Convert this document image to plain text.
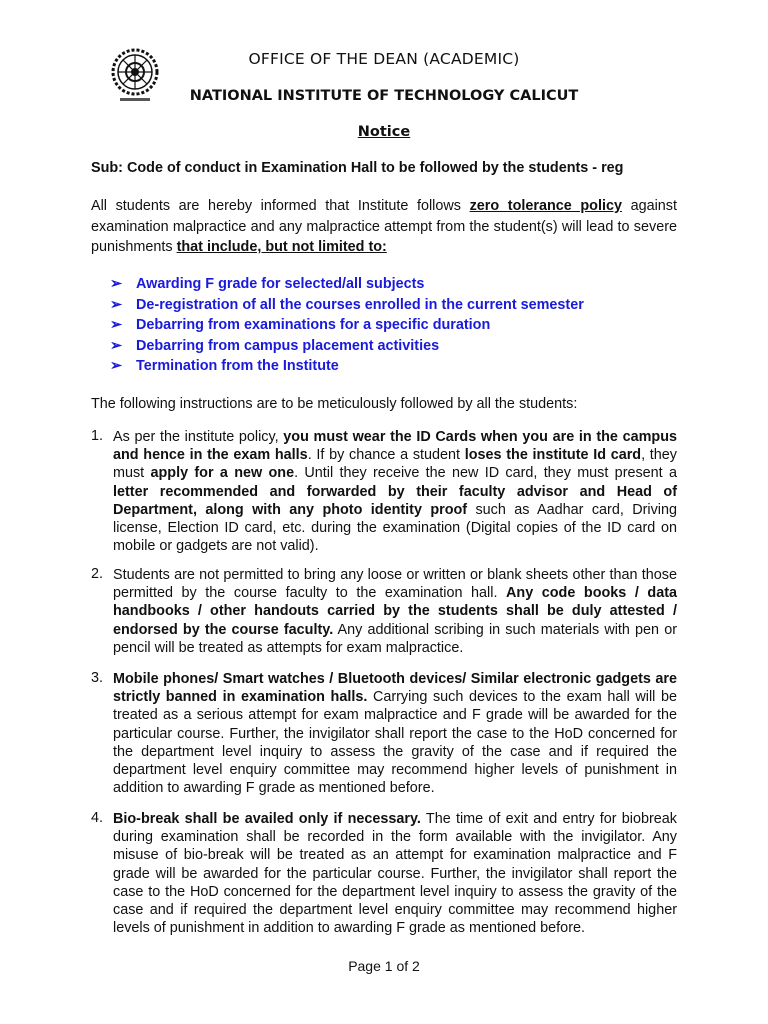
OFFICE OF THE DEAN (ACADEMIC)
NATIONAL INSTITUTE OF TECHNOLOGY CALICUT
Notice
Sub: Code of conduct in Examination Hall to be followed by the students - reg

All students are hereby informed that Institute follows zero tolerance policy against examination malpractice and any malpractice attempt from the student(s) will lead to severe punishments that include, but not limited to:

➢ Awarding F grade for selected/all subjects
➢ De-registration of all the courses enrolled in the current semester
➢ Debarring from examinations for a specific duration
➢ Debarring from campus placement activities
➢ Termination from the Institute

The following instructions are to be meticulously followed by all the students:

1. As per the institute policy, you must wear the ID Cards when you are in the campus and hence in the exam halls. If by chance a student loses the institute Id card, they must apply for a new one. Until they receive the new ID card, they must present a letter recommended and forwarded by their faculty advisor and Head of Department, along with any photo identity proof such as Aadhar card, Driving license, Election ID card, etc. during the examination (Digital copies of the ID card on mobile or gadgets are not valid).
2. Students are not permitted to bring any loose or written or blank sheets other than those permitted by the course faculty to the examination hall. Any code books / data handbooks / other handouts carried by the students shall be duly attested / endorsed by the course faculty. Any additional scribing in such materials with pen or pencil will be treated as attempts for exam malpractice.
3. Mobile phones/ Smart watches / Bluetooth devices/ Similar electronic gadgets are strictly banned in examination halls. Carrying such devices to the exam hall will be treated as a serious attempt for exam malpractice and F grade will be awarded for the particular course. Further, the invigilator shall report the case to the HoD concerned for the department level inquiry to assess the gravity of the case and if required the department level enquiry committee may recommend higher levels of punishment in addition to awarding F grade as mentioned before.
4. Bio-break shall be availed only if necessary. The time of exit and entry for biobreak during examination shall be recorded in the form available with the invigilator. Any misuse of bio-break will be treated as an attempt for examination malpractice and F grade will be awarded for the particular course. Further, the invigilator shall report the case to the HoD concerned for the department level inquiry to assess the gravity of the case and if required the department level enquiry committee may recommend higher levels of punishment in addition to awarding F grade as mentioned before.
Page 1 of 2
